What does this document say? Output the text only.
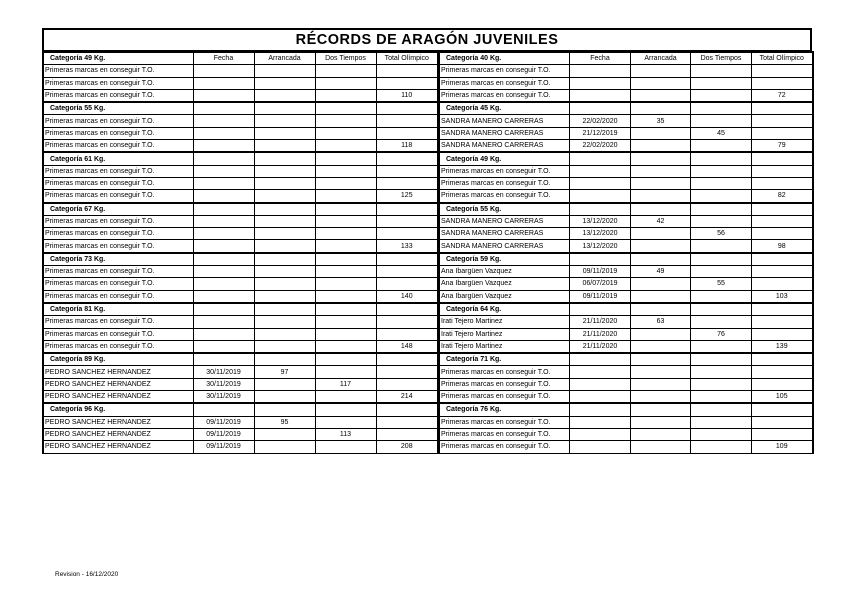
RÉCORDS DE ARAGÓN JUVENILES
Categoría 49 Kg.	Fecha	Arrancada	Dos Tiempos	Total Olímpico
Primeras marcas en conseguir T.O.				
Primeras marcas en conseguir T.O.				
Primeras marcas en conseguir T.O.				110
Categoría 55 Kg.				
Primeras marcas en conseguir T.O.				
Primeras marcas en conseguir T.O.				
Primeras marcas en conseguir T.O.				118
Categoría 61 Kg.				
Primeras marcas en conseguir T.O.				
Primeras marcas en conseguir T.O.				
Primeras marcas en conseguir T.O.				125
Categoría 67 Kg.				
Primeras marcas en conseguir T.O.				
Primeras marcas en conseguir T.O.				
Primeras marcas en conseguir T.O.				133
Categoría 73 Kg.				
Primeras marcas en conseguir T.O.				
Primeras marcas en conseguir T.O.				
Primeras marcas en conseguir T.O.				140
Categoría 81 Kg.				
Primeras marcas en conseguir T.O.				
Primeras marcas en conseguir T.O.				
Primeras marcas en conseguir T.O.				148
Categoría 89 Kg.				
PEDRO SANCHEZ HERNANDEZ	30/11/2019	97		
PEDRO SANCHEZ HERNANDEZ	30/11/2019		117	
PEDRO SANCHEZ HERNANDEZ	30/11/2019			214
Categoría 96 Kg.				
PEDRO SANCHEZ HERNANDEZ	09/11/2019	95		
PEDRO SANCHEZ HERNANDEZ	09/11/2019		113	
PEDRO SANCHEZ HERNANDEZ	09/11/2019			208
Categoría 40 Kg.	Fecha	Arrancada	Dos Tiempos	Total Olímpico
Primeras marcas en conseguir T.O.				
Primeras marcas en conseguir T.O.				
Primeras marcas en conseguir T.O.				72
Categoría 45 Kg.				
SANDRA MANERO CARRERAS	22/02/2020	35		
SANDRA MANERO CARRERAS	21/12/2019		45	
SANDRA MANERO CARRERAS	22/02/2020			79
Categoría 49 Kg.				
Primeras marcas en conseguir T.O.				
Primeras marcas en conseguir T.O.				
Primeras marcas en conseguir T.O.				82
Categoría 55 Kg.				
SANDRA MANERO CARRERAS	13/12/2020	42		
SANDRA MANERO CARRERAS	13/12/2020		56	
SANDRA MANERO CARRERAS	13/12/2020			98
Categoría 59 Kg.				
Ana Ibargüen Vazquez	09/11/2019	49		
Ana Ibargüen Vazquez	06/07/2019		55	
Ana Ibargüen Vazquez	09/11/2019			103
Categoría 64 Kg.				
Irati Tejero Martinez	21/11/2020	63		
Irati Tejero Martinez	21/11/2020		76	
Irati Tejero Martinez	21/11/2020			139
Categoría 71 Kg.				
Primeras marcas en conseguir T.O.				
Primeras marcas en conseguir T.O.				
Primeras marcas en conseguir T.O.				105
Categoría 76 Kg.				
Primeras marcas en conseguir T.O.				
Primeras marcas en conseguir T.O.				
Primeras marcas en conseguir T.O.				109
Revision - 16/12/2020
